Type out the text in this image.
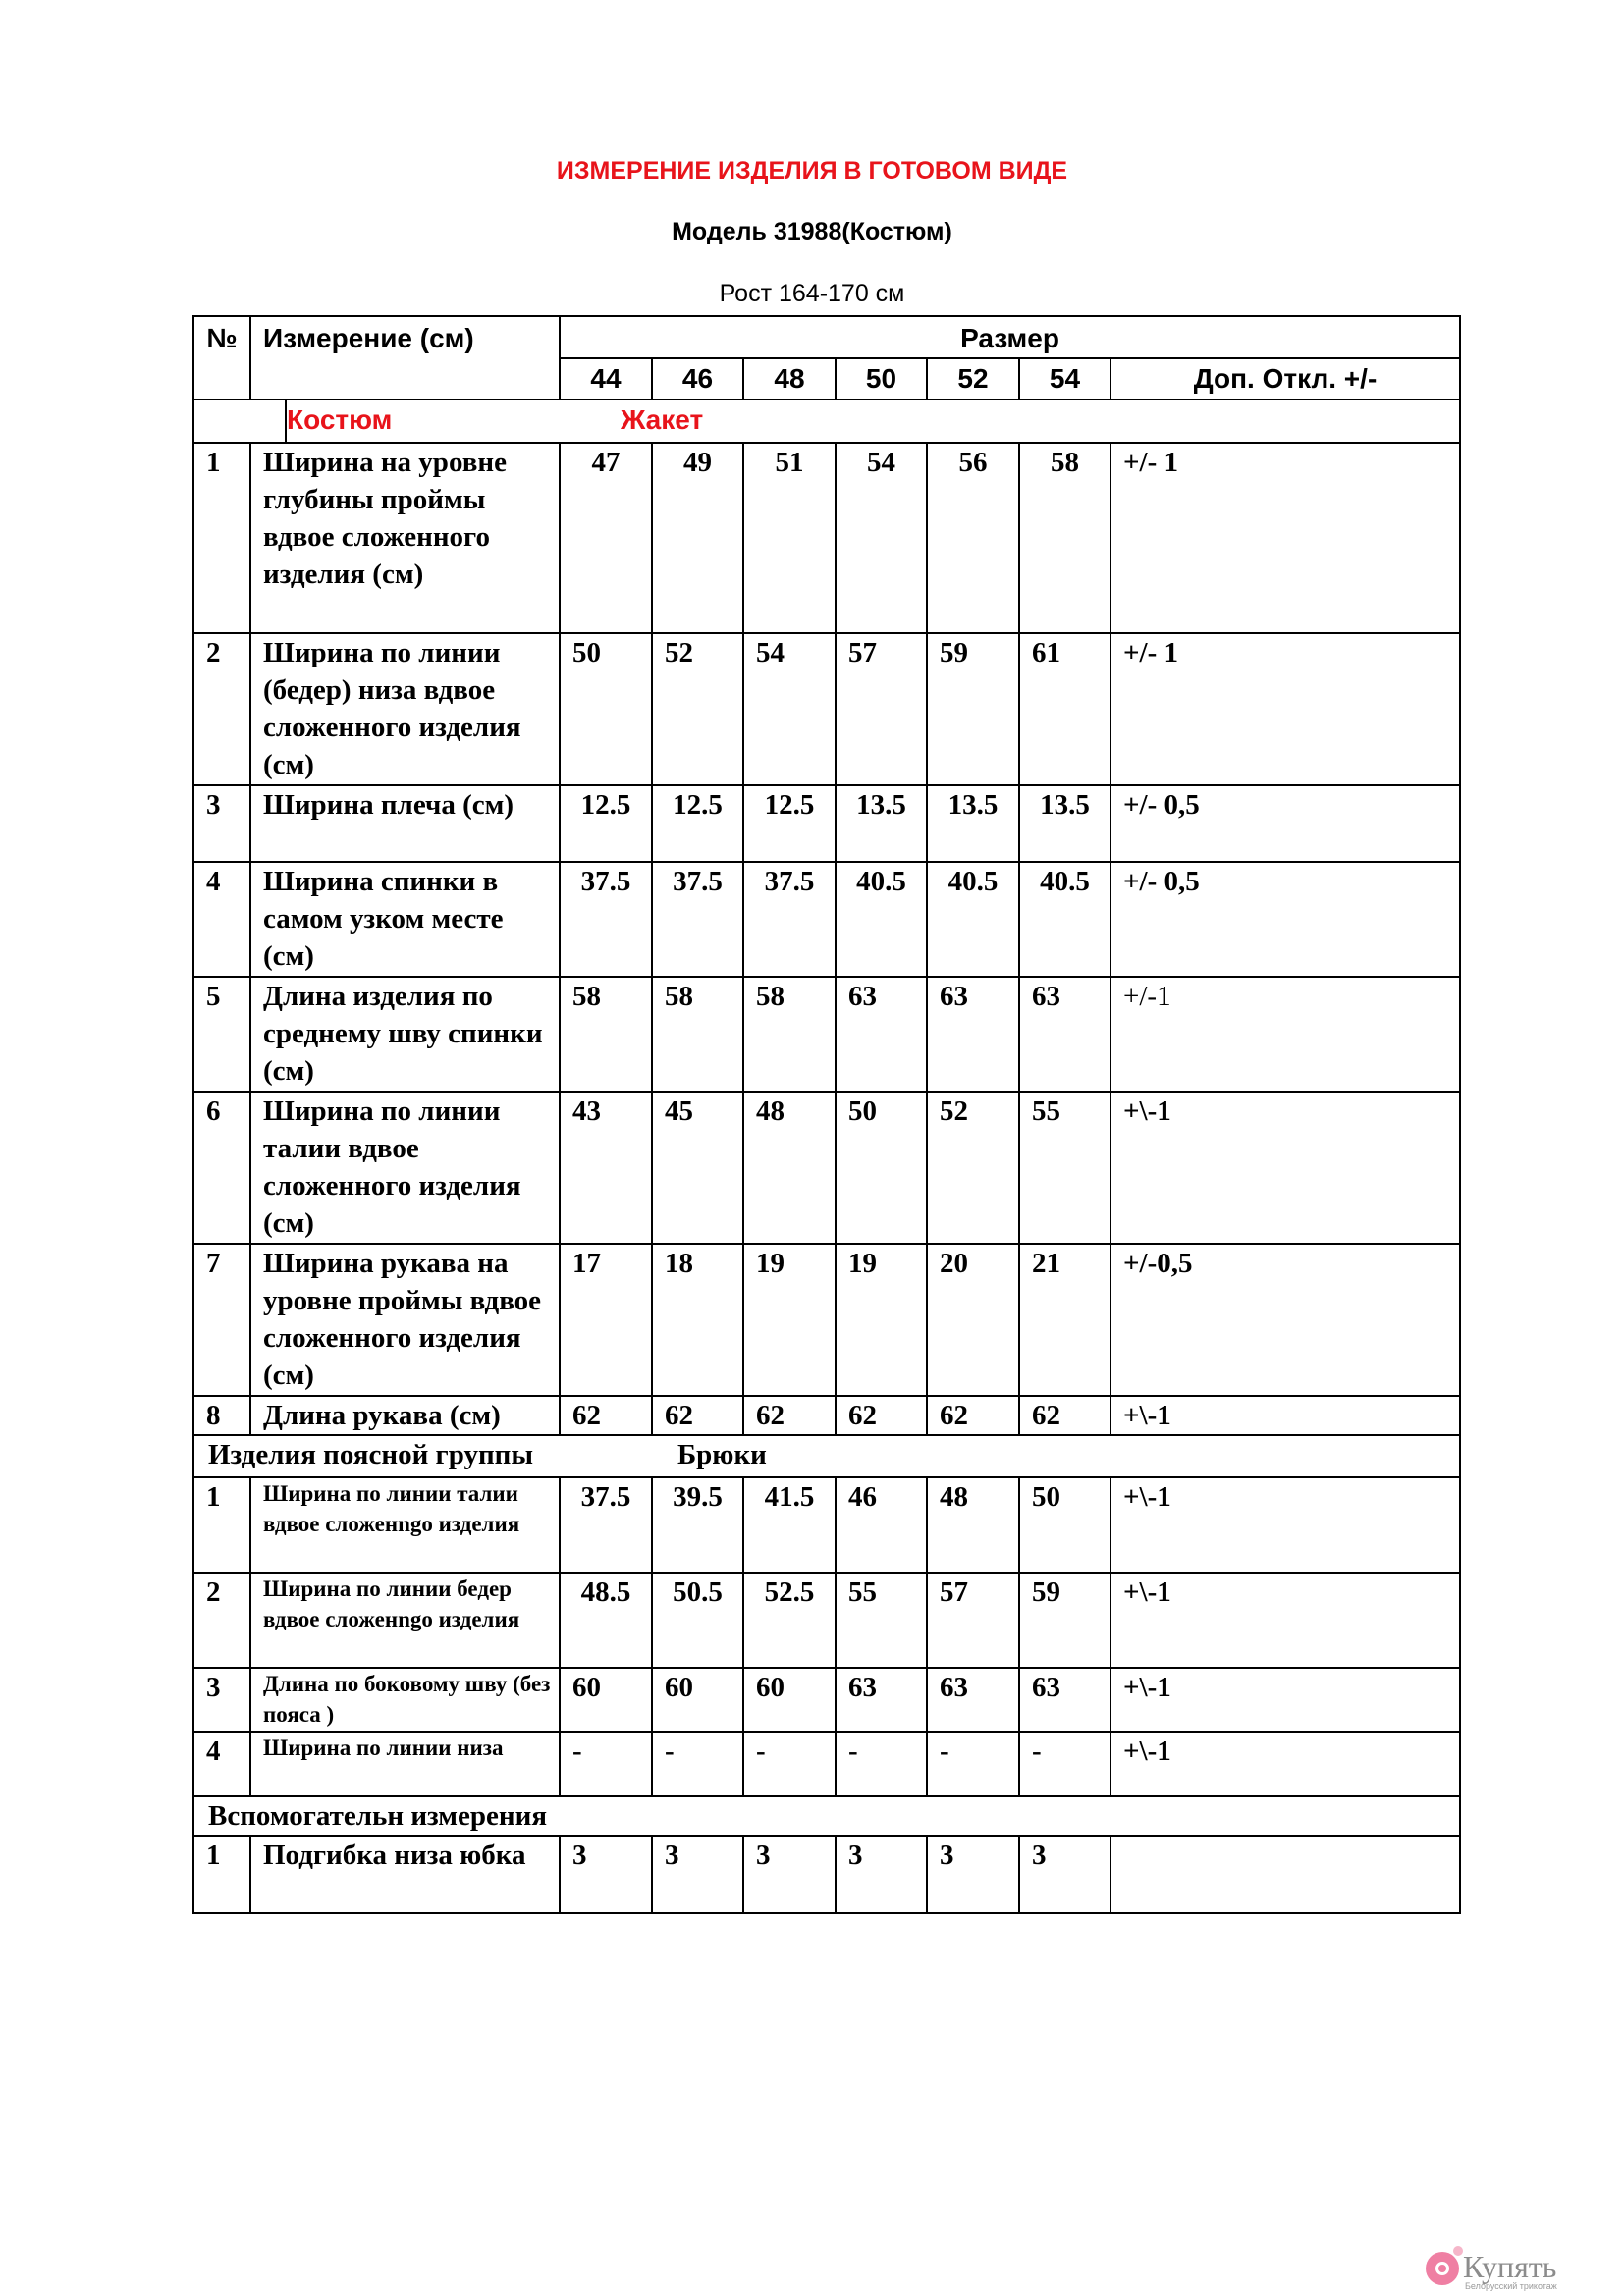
ИЗМЕРЕНИЕ ИЗДЕЛИЯ В ГОТОВОМ ВИДЕ
Модель 31988(Костюм)
Рост 164-170 см
№	Измерение (см)	Размер						
		44	46	48	50	52	54	Доп. Откл. +/-

Костюм Жакет								

1	Ширина на уровне глубины проймы вдвое сложенного изделия (см)	47	49	51	54	56	58	+/- 1
2	Ширина по линии (бедер) низа вдвое сложенного изделия (см)	50	52	54	57	59	61	+/- 1
3	Ширина плеча (см)	12.5	12.5	12.5	13.5	13.5	13.5	+/- 0,5
4	Ширина спинки в самом узком месте (см)	37.5	37.5	37.5	40.5	40.5	40.5	+/- 0,5
5	Длина изделия по среднему шву спинки (см)	58	58	58	63	63	63	+/-1
6	Ширина по линии талии вдвое сложенного изделия (см)	43	45	48	50	52	55	+\-1
7	Ширина рукава на уровне проймы вдвое сложенного изделия (см)	17	18	19	19	20	21	+/-0,5
8	Длина рукава (см)	62	62	62	62	62	62	+\-1

Изделия поясной группы Брюки								

1	Ширина по линии талии вдвое сложенngo изделия	37.5	39.5	41.5	46	48	50	+\-1
2	Ширина по линии бедер вдвое сложенngo изделия	48.5	50.5	52.5	55	57	59	+\-1
3	Длина по боковому шву (без пояса )	60	60	60	63	63	63	+\-1
4	Ширина по линии низа	-	-	-	-	-	-	+\-1
Вспомогательн измерения								
1	Подгибка низа юбка	3	3	3	3	3	3	
Купять
Белорусский трикотаж
